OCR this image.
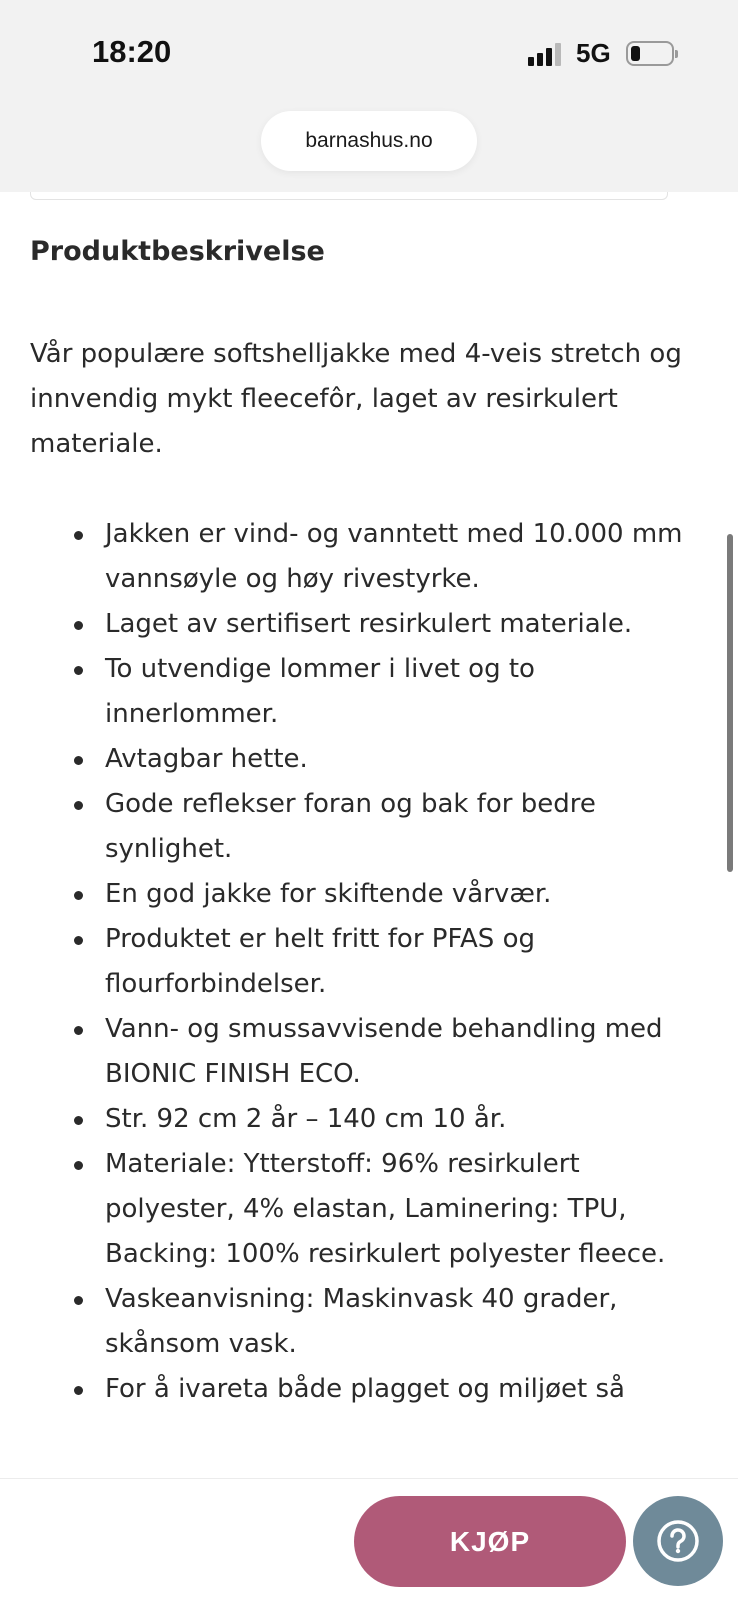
18:20	5G
barnashus.no
Produktbeskrivelse

Vår populære softshelljakke med 4-veis stretch og innvendig mykt fleecefôr, laget av resirkulert materiale.

Jakken er vind- og vanntett med 10.000 mm vannsøyle og høy rivestyrke.
Laget av sertifisert resirkulert materiale.
To utvendige lommer i livet og to innerlommer.
Avtagbar hette.
Gode reflekser foran og bak for bedre synlighet.
En god jakke for skiftende vårvær.
Produktet er helt fritt for PFAS og flourforbindelser.
Vann- og smussavvisende behandling med BIONIC FINISH ECO.
Str. 92 cm 2 år – 140 cm 10 år.
Materiale: Ytterstoff: 96% resirkulert polyester, 4% elastan, Laminering: TPU, Backing: 100% resirkulert polyester fleece.
Vaskeanvisning: Maskinvask 40 grader, skånsom vask.
For å ivareta både plagget og miljøet så
KJØP
